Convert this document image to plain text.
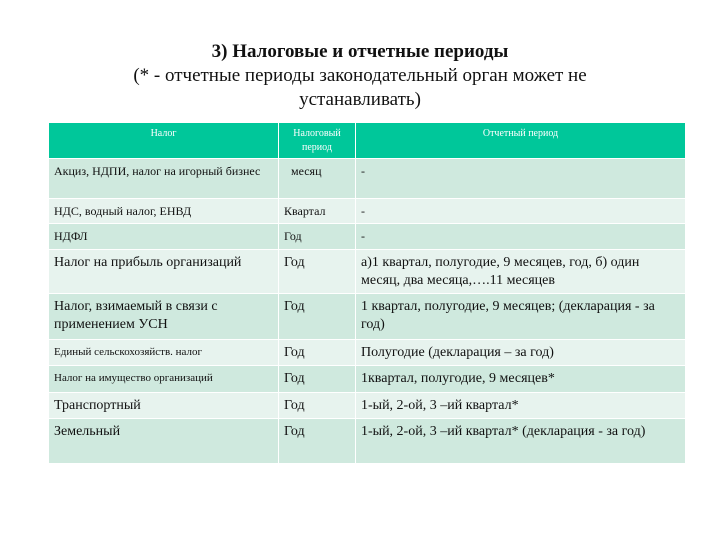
3) Налоговые и отчетные периоды
(* - отчетные периоды законодательный орган может не
устанавливать)
Налог	Налоговый период	Отчетный период
Акциз, НДПИ, налог на игорный бизнес	месяц	-
НДС, водный налог, ЕНВД	Квартал	-
НДФЛ	Год	-
Налог на прибыль организаций	Год	а)1 квартал, полугодие, 9 месяцев, год, б) один месяц, два месяца,….11 месяцев
Налог, взимаемый в связи с применением УСН	Год	1 квартал, полугодие, 9 месяцев; (декларация - за год)
Единый сельскохозяйств. налог	Год	Полугодие (декларация – за год)
Налог на имущество организаций	Год	1квартал, полугодие, 9 месяцев*
Транспортный	Год	1-ый, 2-ой, 3 –ий квартал*
Земельный	Год	1-ый, 2-ой, 3 –ий квартал* (декларация - за год)
